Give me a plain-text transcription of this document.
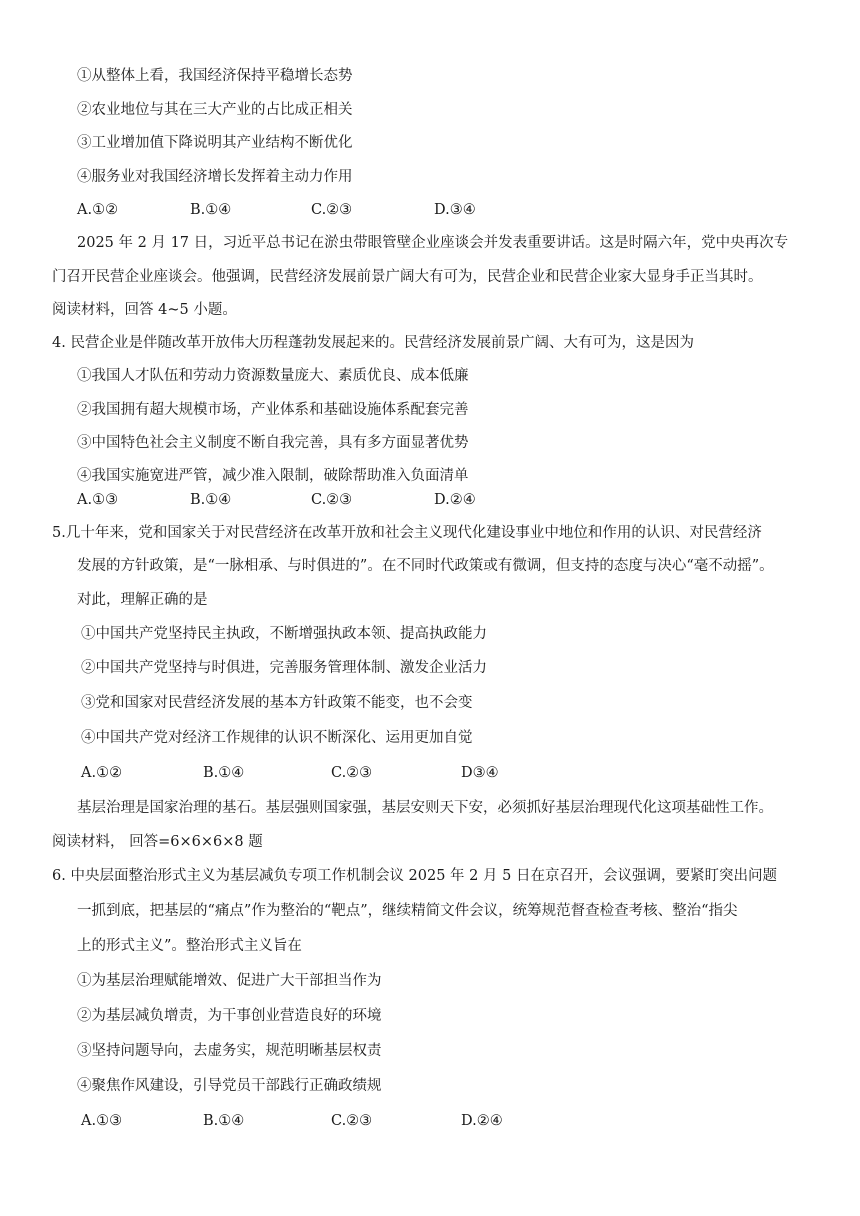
①从整体上看，我国经济保持平稳增长态势
②农业地位与其在三大产业的占比成正相关
③工业增加值下降说明其产业结构不断优化
④服务业对我国经济增长发挥着主动力作用
A.①②	B.①④	C.②③	D.③④
2025 年 2 月 17 日，习近平总书记在淤虫带眼管壁企业座谈会并发表重要讲话。这是时隔六年，党中央再次专
门召开民营企业座谈会。他强调，民营经济发展前景广阔大有可为，民营企业和民营企业家大显身手正当其时。
阅读材料，回答 4~5 小题。
4. 民营企业是伴随改革开放伟大历程蓬勃发展起来的。民营经济发展前景广阔、大有可为，这是因为
①我国人才队伍和劳动力资源数量庞大、素质优良、成本低廉
②我国拥有超大规模市场，产业体系和基础设施体系配套完善
③中国特色社会主义制度不断自我完善，具有多方面显著优势
④我国实施宽进严管，减少准入限制，破除帮助准入负面清单
A.①③	B.①④	C.②③	D.②④
5.几十年来，党和国家关于对民营经济在改革开放和社会主义现代化建设事业中地位和作用的认识、对民营经济
发展的方针政策，是“一脉相承、与时俱进的”。在不同时代政策或有微调，但支持的态度与决心“毫不动摇”。
对此，理解正确的是
①中国共产党坚持民主执政，不断增强执政本领、提高执政能力
②中国共产党坚持与时俱进，完善服务管理体制、激发企业活力
③党和国家对民营经济发展的基本方针政策不能变，也不会变
④中国共产党对经济工作规律的认识不断深化、运用更加自觉
A.①②	B.①④	C.②③	D③④
基层治理是国家治理的基石。基层强则国家强，基层安则天下安，必须抓好基层治理现代化这项基础性工作。
阅读材料， 回答=6×6×6×8 题
6. 中央层面整治形式主义为基层减负专项工作机制会议 2025 年 2 月 5 日在京召开，会议强调，要紧盯突出问题
一抓到底，把基层的“痛点”作为整治的“靶点”，继续精简文件会议，统筹规范督查检查考核、整治“指尖
上的形式主义”。整治形式主义旨在
①为基层治理赋能增效、促进广大干部担当作为
②为基层减负增责，为干事创业营造良好的环境
③坚持问题导向，去虚务实，规范明晰基层权责
④聚焦作风建设，引导党员干部践行正确政绩规
A.①③	B.①④	C.②③	D.②④
